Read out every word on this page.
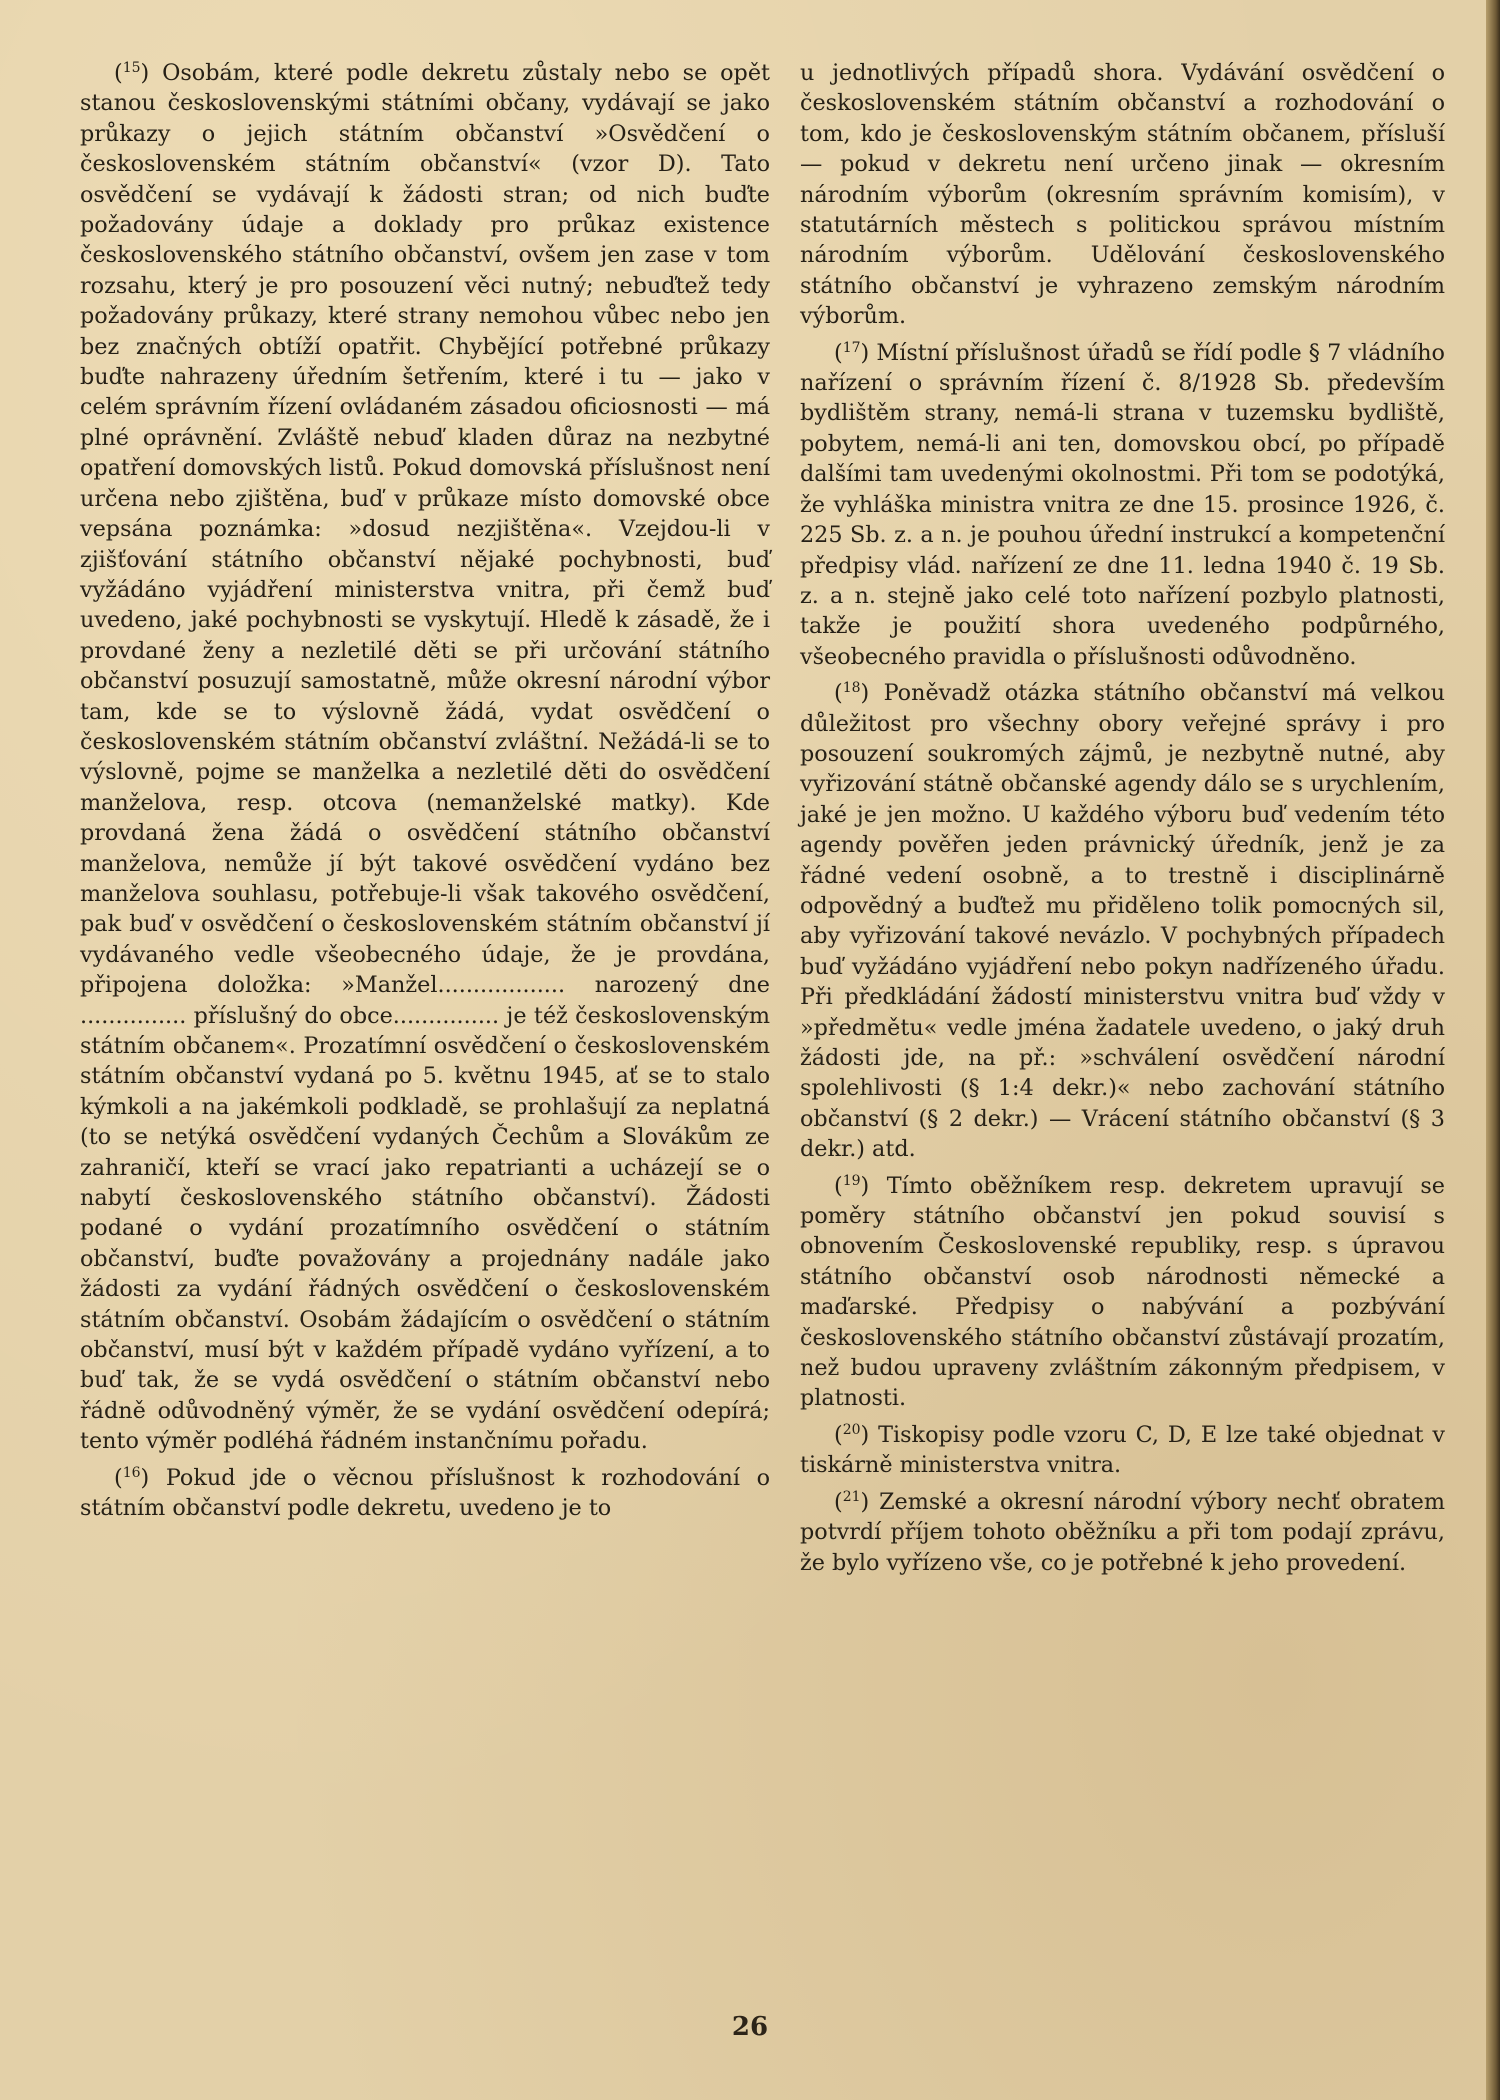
($^{15}$) Osobám, které podle dekretu zůstaly nebo se opět stanou československými státními občany, vydávají se jako průkazy o jejich státním občanství »Osvědčení o československém státním občanství« (vzor D). Tato osvědčení se vydávají k žádosti stran; od nich buďte požadovány údaje a doklady pro průkaz existence československého státního občanství, ovšem jen zase v tom rozsahu, který je pro posouzení věci nutný; nebuďtež tedy požadovány průkazy, které strany nemohou vůbec nebo jen bez značných obtíží opatřit. Chybějící potřebné průkazy buďte nahrazeny úředním šetřením, které i tu — jako v celém správním řízení ovládaném zásadou oficiosnosti — má plné oprávnění. Zvláště nebuď kladen důraz na nezbytné opatření domovských listů. Pokud domovská příslušnost není určena nebo zjištěna, buď v průkaze místo domovské obce vepsána poznámka: »dosud nezjištěna«. Vzejdou-li v zjišťování státního občanství nějaké pochybnosti, buď vyžádáno vyjádření ministerstva vnitra, při čemž buď uvedeno, jaké pochybnosti se vyskytují. Hledě k zásadě, že i provdané ženy a nezletilé děti se při určování státního občanství posuzují samostatně, může okresní národní výbor tam, kde se to výslovně žádá, vydat osvědčení o československém státním občanství zvláštní. Nežádá-li se to výslovně, pojme se manželka a nezletilé děti do osvědčení manželova, resp. otcova (nemanželské matky). Kde provdaná žena žádá o osvědčení státního občanství manželova, nemůže jí být takové osvědčení vydáno bez manželova souhlasu, potřebuje-li však takového osvědčení, pak buď v osvědčení o československém státním občanství jí vydávaného vedle všeobecného údaje, že je provdána, připojena doložka: »Manžel.................. narozený dne ............... příslušný do obce............... je též československým státním občanem«. Prozatímní osvědčení o československém státním občanství vydaná po 5. květnu 1945, ať se to stalo kýmkoli a na jakémkoli podkladě, se prohlašují za neplatná (to se netýká osvědčení vydaných Čechům a Slovákům ze zahraničí, kteří se vrací jako repatrianti a ucházejí se o nabytí československého státního občanství). Žádosti podané o vydání prozatímního osvědčení o státním občanství, buďte považovány a projednány nadále jako žádosti za vydání řádných osvědčení o československém státním občanství. Osobám žádajícím o osvědčení o státním občanství, musí být v každém případě vydáno vyřízení, a to buď tak, že se vydá osvědčení o státním občanství nebo řádně odůvodněný výměr, že se vydání osvědčení odepírá; tento výměr podléhá řádném instančnímu pořadu.

($^{16}$) Pokud jde o věcnou příslušnost k rozhodování o státním občanství podle dekretu, uvedeno je to

u jednotlivých případů shora. Vydávání osvědčení o československém státním občanství a rozhodování o tom, kdo je československým státním občanem, přísluší — pokud v dekretu není určeno jinak — okresním národním výborům (okresním správním komisím), v statutárních městech s politickou správou místním národním výborům. Udělování československého státního občanství je vyhrazeno zemským národním výborům.

($^{17}$) Místní příslušnost úřadů se řídí podle § 7 vládního nařízení o správním řízení č. 8/1928 Sb. především bydlištěm strany, nemá-li strana v tuzemsku bydliště, pobytem, nemá-li ani ten, domovskou obcí, po případě dalšími tam uvedenými okolnostmi. Při tom se podotýká, že vyhláška ministra vnitra ze dne 15. prosince 1926, č. 225 Sb. z. a n. je pouhou úřední instrukcí a kompetenční předpisy vlád. nařízení ze dne 11. ledna 1940 č. 19 Sb. z. a n. stejně jako celé toto nařízení pozbylo platnosti, takže je použití shora uvedeného podpůrného, všeobecného pravidla o příslušnosti odůvodněno.

($^{18}$) Poněvadž otázka státního občanství má velkou důležitost pro všechny obory veřejné správy i pro posouzení soukromých zájmů, je nezbytně nutné, aby vyřizování státně občanské agendy dálo se s urychlením, jaké je jen možno. U každého výboru buď vedením této agendy pověřen jeden právnický úředník, jenž je za řádné vedení osobně, a to trestně i disciplinárně odpovědný a buďtež mu přiděleno tolik pomocných sil, aby vyřizování takové nevázlo. V pochybných případech buď vyžádáno vyjádření nebo pokyn nadřízeného úřadu. Při předkládání žádostí ministerstvu vnitra buď vždy v »předmětu« vedle jména žadatele uvedeno, o jaký druh žádosti jde, na př.: »schválení osvědčení národní spolehlivosti (§ 1:4 dekr.)« nebo zachování státního občanství (§ 2 dekr.) — Vrácení státního občanství (§ 3 dekr.) atd.

($^{19}$) Tímto oběžníkem resp. dekretem upravují se poměry státního občanství jen pokud souvisí s obnovením Československé republiky, resp. s úpravou státního občanství osob národnosti německé a maďarské. Předpisy o nabývání a pozbývání československého státního občanství zůstávají prozatím, než budou upraveny zvláštním zákonným předpisem, v platnosti.

($^{20}$) Tiskopisy podle vzoru C, D, E lze také objednat v tiskárně ministerstva vnitra.

($^{21}$) Zemské a okresní národní výbory nechť obratem potvrdí příjem tohoto oběžníku a při tom podají zprávu, že bylo vyřízeno vše, co je potřebné k jeho provedení.

26
